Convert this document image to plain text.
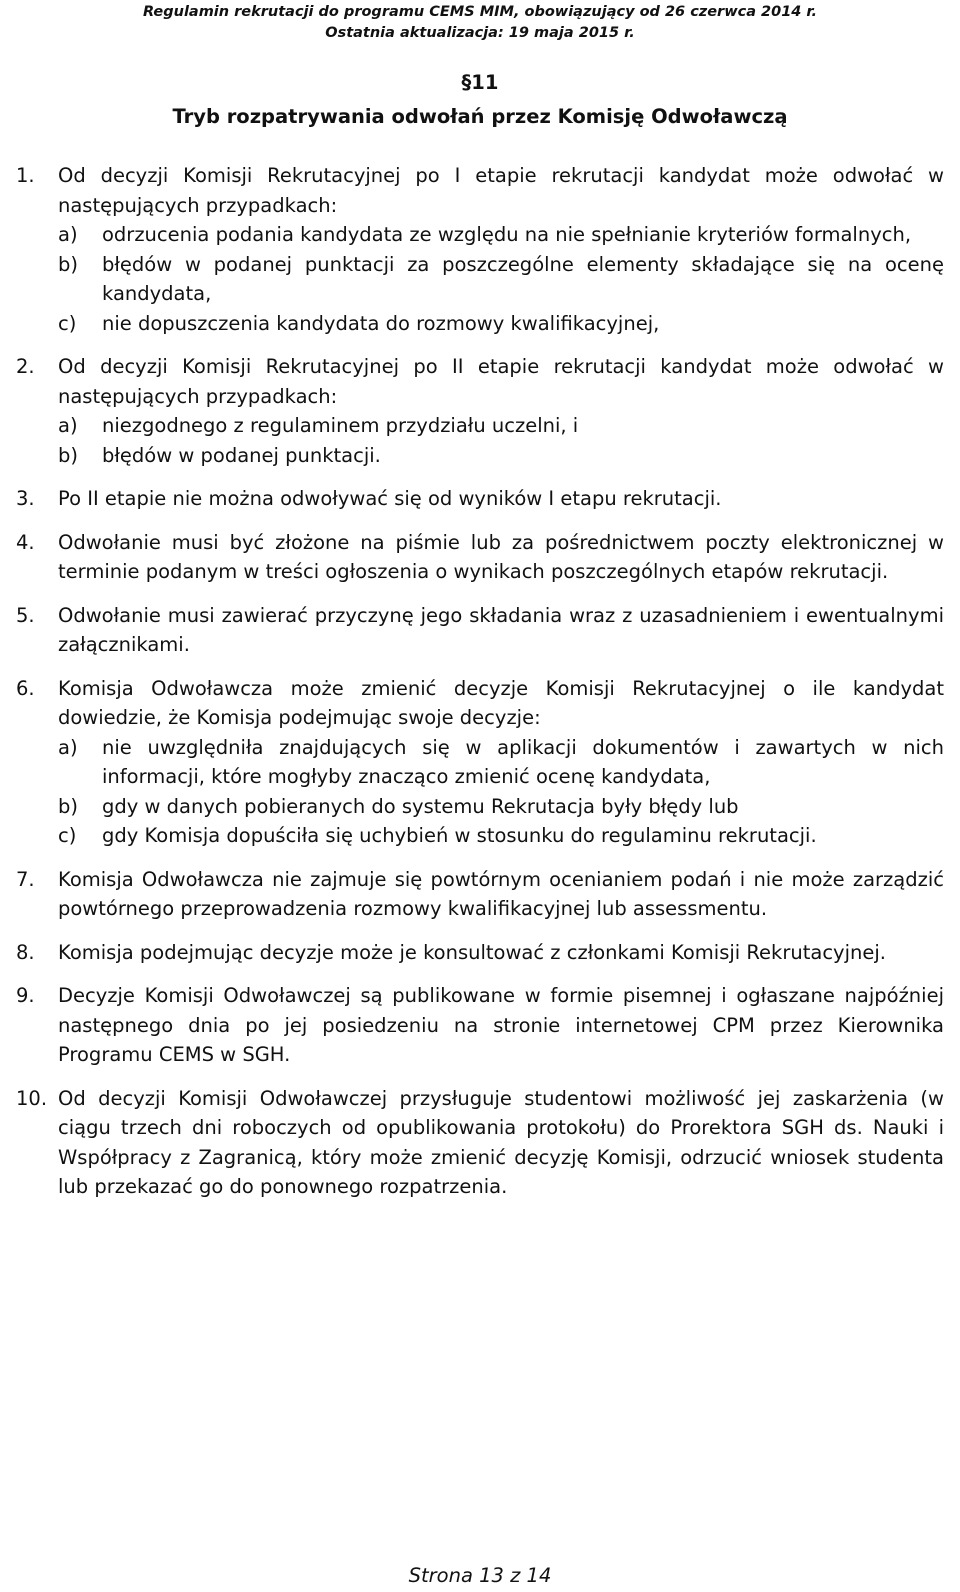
Regulamin rekrutacji do programu CEMS MIM, obowiązujący od 26 czerwca 2014 r.
Ostatnia aktualizacja: 19 maja 2015 r.
§11
Tryb rozpatrywania odwołań przez Komisję Odwoławczą
1.	Od decyzji Komisji Rekrutacyjnej po I etapie rekrutacji kandydat może odwołać w następujących przypadkach:
a)	odrzucenia podania kandydata ze względu na nie spełnianie kryteriów formalnych,
b)	błędów w podanej punktacji za poszczególne elementy składające się na ocenę kandydata,
c)	nie dopuszczenia kandydata do rozmowy kwalifikacyjnej,
2.	Od decyzji Komisji Rekrutacyjnej po II etapie rekrutacji kandydat może odwołać w następujących przypadkach:
a)	niezgodnego z regulaminem przydziału uczelni, i
b)	błędów w podanej punktacji.
3.	Po II etapie nie można odwoływać się od wyników I etapu rekrutacji.
4.	Odwołanie musi być złożone na piśmie lub za pośrednictwem poczty elektronicznej w terminie podanym w treści ogłoszenia o wynikach poszczególnych etapów rekrutacji.
5.	Odwołanie musi zawierać przyczynę jego składania wraz z uzasadnieniem i ewentualnymi załącznikami.
6.	Komisja Odwoławcza może zmienić decyzje Komisji Rekrutacyjnej o ile kandydat dowiedzie, że Komisja podejmując swoje decyzje:
a)	nie uwzględniła znajdujących się w aplikacji dokumentów i zawartych w nich informacji, które mogłyby znacząco zmienić ocenę kandydata,
b)	gdy w danych pobieranych do systemu Rekrutacja były błędy lub
c)	gdy Komisja dopuściła się uchybień w stosunku do regulaminu rekrutacji.
7.	Komisja Odwoławcza nie zajmuje się powtórnym ocenianiem podań i nie może zarządzić powtórnego przeprowadzenia rozmowy kwalifikacyjnej lub assessmentu.
8.	Komisja podejmując decyzje może je konsultować z członkami Komisji Rekrutacyjnej.
9.	Decyzje Komisji Odwoławczej są publikowane w formie pisemnej i ogłaszane najpóźniej następnego dnia po jej posiedzeniu na stronie internetowej CPM przez Kierownika Programu CEMS w SGH.
10. Od decyzji Komisji Odwoławczej przysługuje studentowi możliwość jej zaskarżenia (w ciągu trzech dni roboczych od opublikowania protokołu) do Prorektora SGH ds. Nauki i Współpracy z Zagranicą, który może zmienić decyzję Komisji, odrzucić wniosek studenta lub przekazać go do ponownego rozpatrzenia.
Strona 13 z 14
